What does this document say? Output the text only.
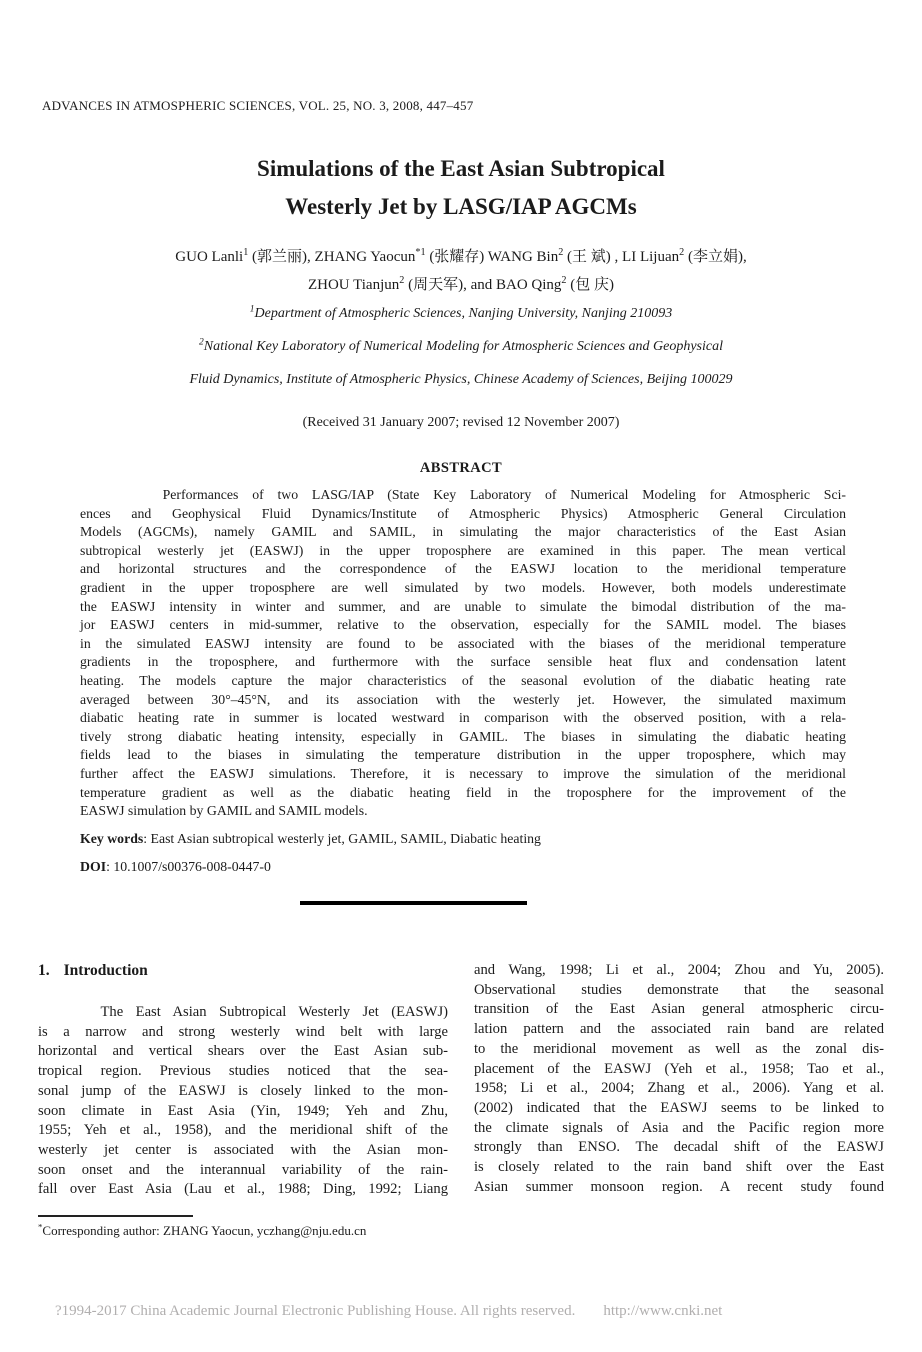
ADVANCES IN ATMOSPHERIC SCIENCES, VOL. 25, NO. 3, 2008, 447–457
Simulations of the East Asian Subtropical
Westerly Jet by LASG/IAP AGCMs
GUO Lanli$^1$ (郭兰丽), ZHANG Yaocun$^{*1}$ (张耀存) WANG Bin$^2$ (王 斌) , LI Lijuan$^2$ (李立娟),
ZHOU Tianjun$^2$ (周天军), and BAO Qing$^2$ (包 庆)
$^1$Department of Atmospheric Sciences, Nanjing University, Nanjing 210093
$^2$National Key Laboratory of Numerical Modeling for Atmospheric Sciences and Geophysical
Fluid Dynamics, Institute of Atmospheric Physics, Chinese Academy of Sciences, Beijing 100029
(Received 31 January 2007; revised 12 November 2007)
ABSTRACT
Performances of two LASG/IAP (State Key Laboratory of Numerical Modeling for Atmospheric Sci-
ences and Geophysical Fluid Dynamics/Institute of Atmospheric Physics) Atmospheric General Circulation
Models (AGCMs), namely GAMIL and SAMIL, in simulating the major characteristics of the East Asian
subtropical westerly jet (EASWJ) in the upper troposphere are examined in this paper. The mean vertical
and horizontal structures and the correspondence of the EASWJ location to the meridional temperature
gradient in the upper troposphere are well simulated by two models. However, both models underestimate
the EASWJ intensity in winter and summer, and are unable to simulate the bimodal distribution of the ma-
jor EASWJ centers in mid-summer, relative to the observation, especially for the SAMIL model. The biases
in the simulated EASWJ intensity are found to be associated with the biases of the meridional temperature
gradients in the troposphere, and furthermore with the surface sensible heat flux and condensation latent
heating. The models capture the major characteristics of the seasonal evolution of the diabatic heating rate
averaged between 30°–45°N, and its association with the westerly jet. However, the simulated maximum
diabatic heating rate in summer is located westward in comparison with the observed position, with a rela-
tively strong diabatic heating intensity, especially in GAMIL. The biases in simulating the diabatic heating
fields lead to the biases in simulating the temperature distribution in the upper troposphere, which may
further affect the EASWJ simulations. Therefore, it is necessary to improve the simulation of the meridional
temperature gradient as well as the diabatic heating field in the troposphere for the improvement of the
EASWJ simulation by GAMIL and SAMIL models.
Key words: East Asian subtropical westerly jet, GAMIL, SAMIL, Diabatic heating
DOI: 10.1007/s00376-008-0447-0
1. Introduction
The East Asian Subtropical Westerly Jet (EASWJ)
is a narrow and strong westerly wind belt with large
horizontal and vertical shears over the East Asian sub-
tropical region. Previous studies noticed that the sea-
sonal jump of the EASWJ is closely linked to the mon-
soon climate in East Asia (Yin, 1949; Yeh and Zhu,
1955; Yeh et al., 1958), and the meridional shift of the
westerly jet center is associated with the Asian mon-
soon onset and the interannual variability of the rain-
fall over East Asia (Lau et al., 1988; Ding, 1992; Liang
and Wang, 1998; Li et al., 2004; Zhou and Yu, 2005).
Observational studies demonstrate that the seasonal
transition of the East Asian general atmospheric circu-
lation pattern and the associated rain band are related
to the meridional movement as well as the zonal dis-
placement of the EASWJ (Yeh et al., 1958; Tao et al.,
1958; Li et al., 2004; Zhang et al., 2006). Yang et al.
(2002) indicated that the EASWJ seems to be linked to
the climate signals of Asia and the Pacific region more
strongly than ENSO. The decadal shift of the EASWJ
is closely related to the rain band shift over the East
Asian summer monsoon region. A recent study found
*Corresponding author: ZHANG Yaocun, yczhang@nju.edu.cn
?1994-2017 China Academic Journal Electronic Publishing House. All rights reserved. http://www.cnki.net
